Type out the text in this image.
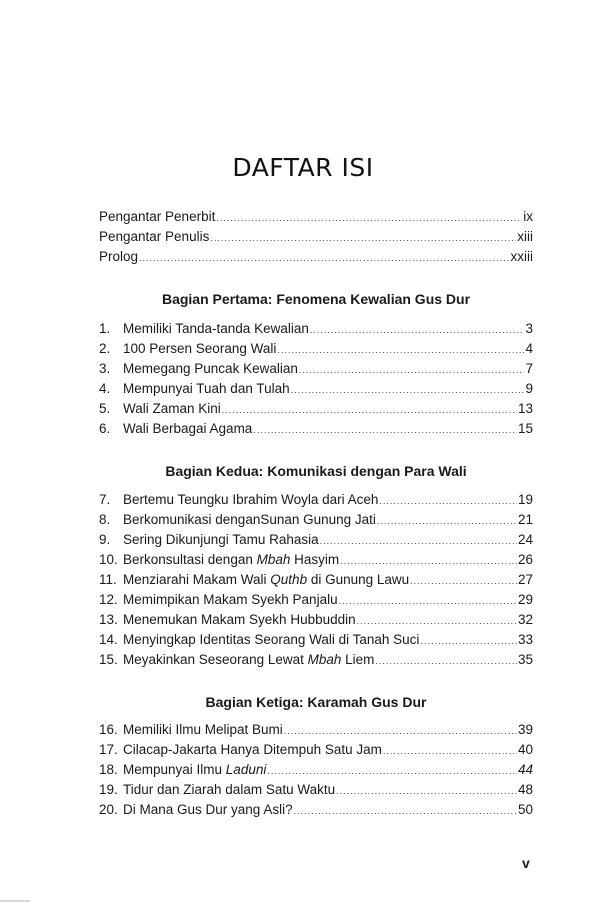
DAFTAR ISI
Pengantar Penerbit .....	ix
Pengantar Penulis .....	xiii
Prolog .....	xxiii
Bagian Pertama: Fenomena Kewalian Gus Dur
1. Memiliki Tanda-tanda Kewalian .....	3
2. 100 Persen Seorang Wali .....	4
3. Memegang Puncak Kewalian .....	7
4. Mempunyai Tuah dan Tulah .....	9
5. Wali Zaman Kini .....	13
6. Wali Berbagai Agama .....	15
Bagian Kedua: Komunikasi dengan Para Wali
7. Bertemu Teungku Ibrahim Woyla dari Aceh .....	19
8. Berkomunikasi denganSunan Gunung Jati .....	21
9. Sering Dikunjungi Tamu Rahasia .....	24
10. Berkonsultasi dengan Mbah Hasyim .....	26
11. Menziarahi Makam Wali Quthb di Gunung Lawu .....	27
12. Memimpikan Makam Syekh Panjalu .....	29
13. Menemukan Makam Syekh Hubbuddin .....	32
14. Menyingkap Identitas Seorang Wali di Tanah Suci .....	33
15. Meyakinkan Seseorang Lewat Mbah Liem .....	35
Bagian Ketiga: Karamah Gus Dur
16. Memiliki Ilmu Melipat Bumi .....	39
17. Cilacap-Jakarta Hanya Ditempuh Satu Jam .....	40
18. Mempunyai Ilmu Laduni .....	44
19. Tidur dan Ziarah dalam Satu Waktu .....	48
20. Di Mana Gus Dur yang Asli? .....	50
v
